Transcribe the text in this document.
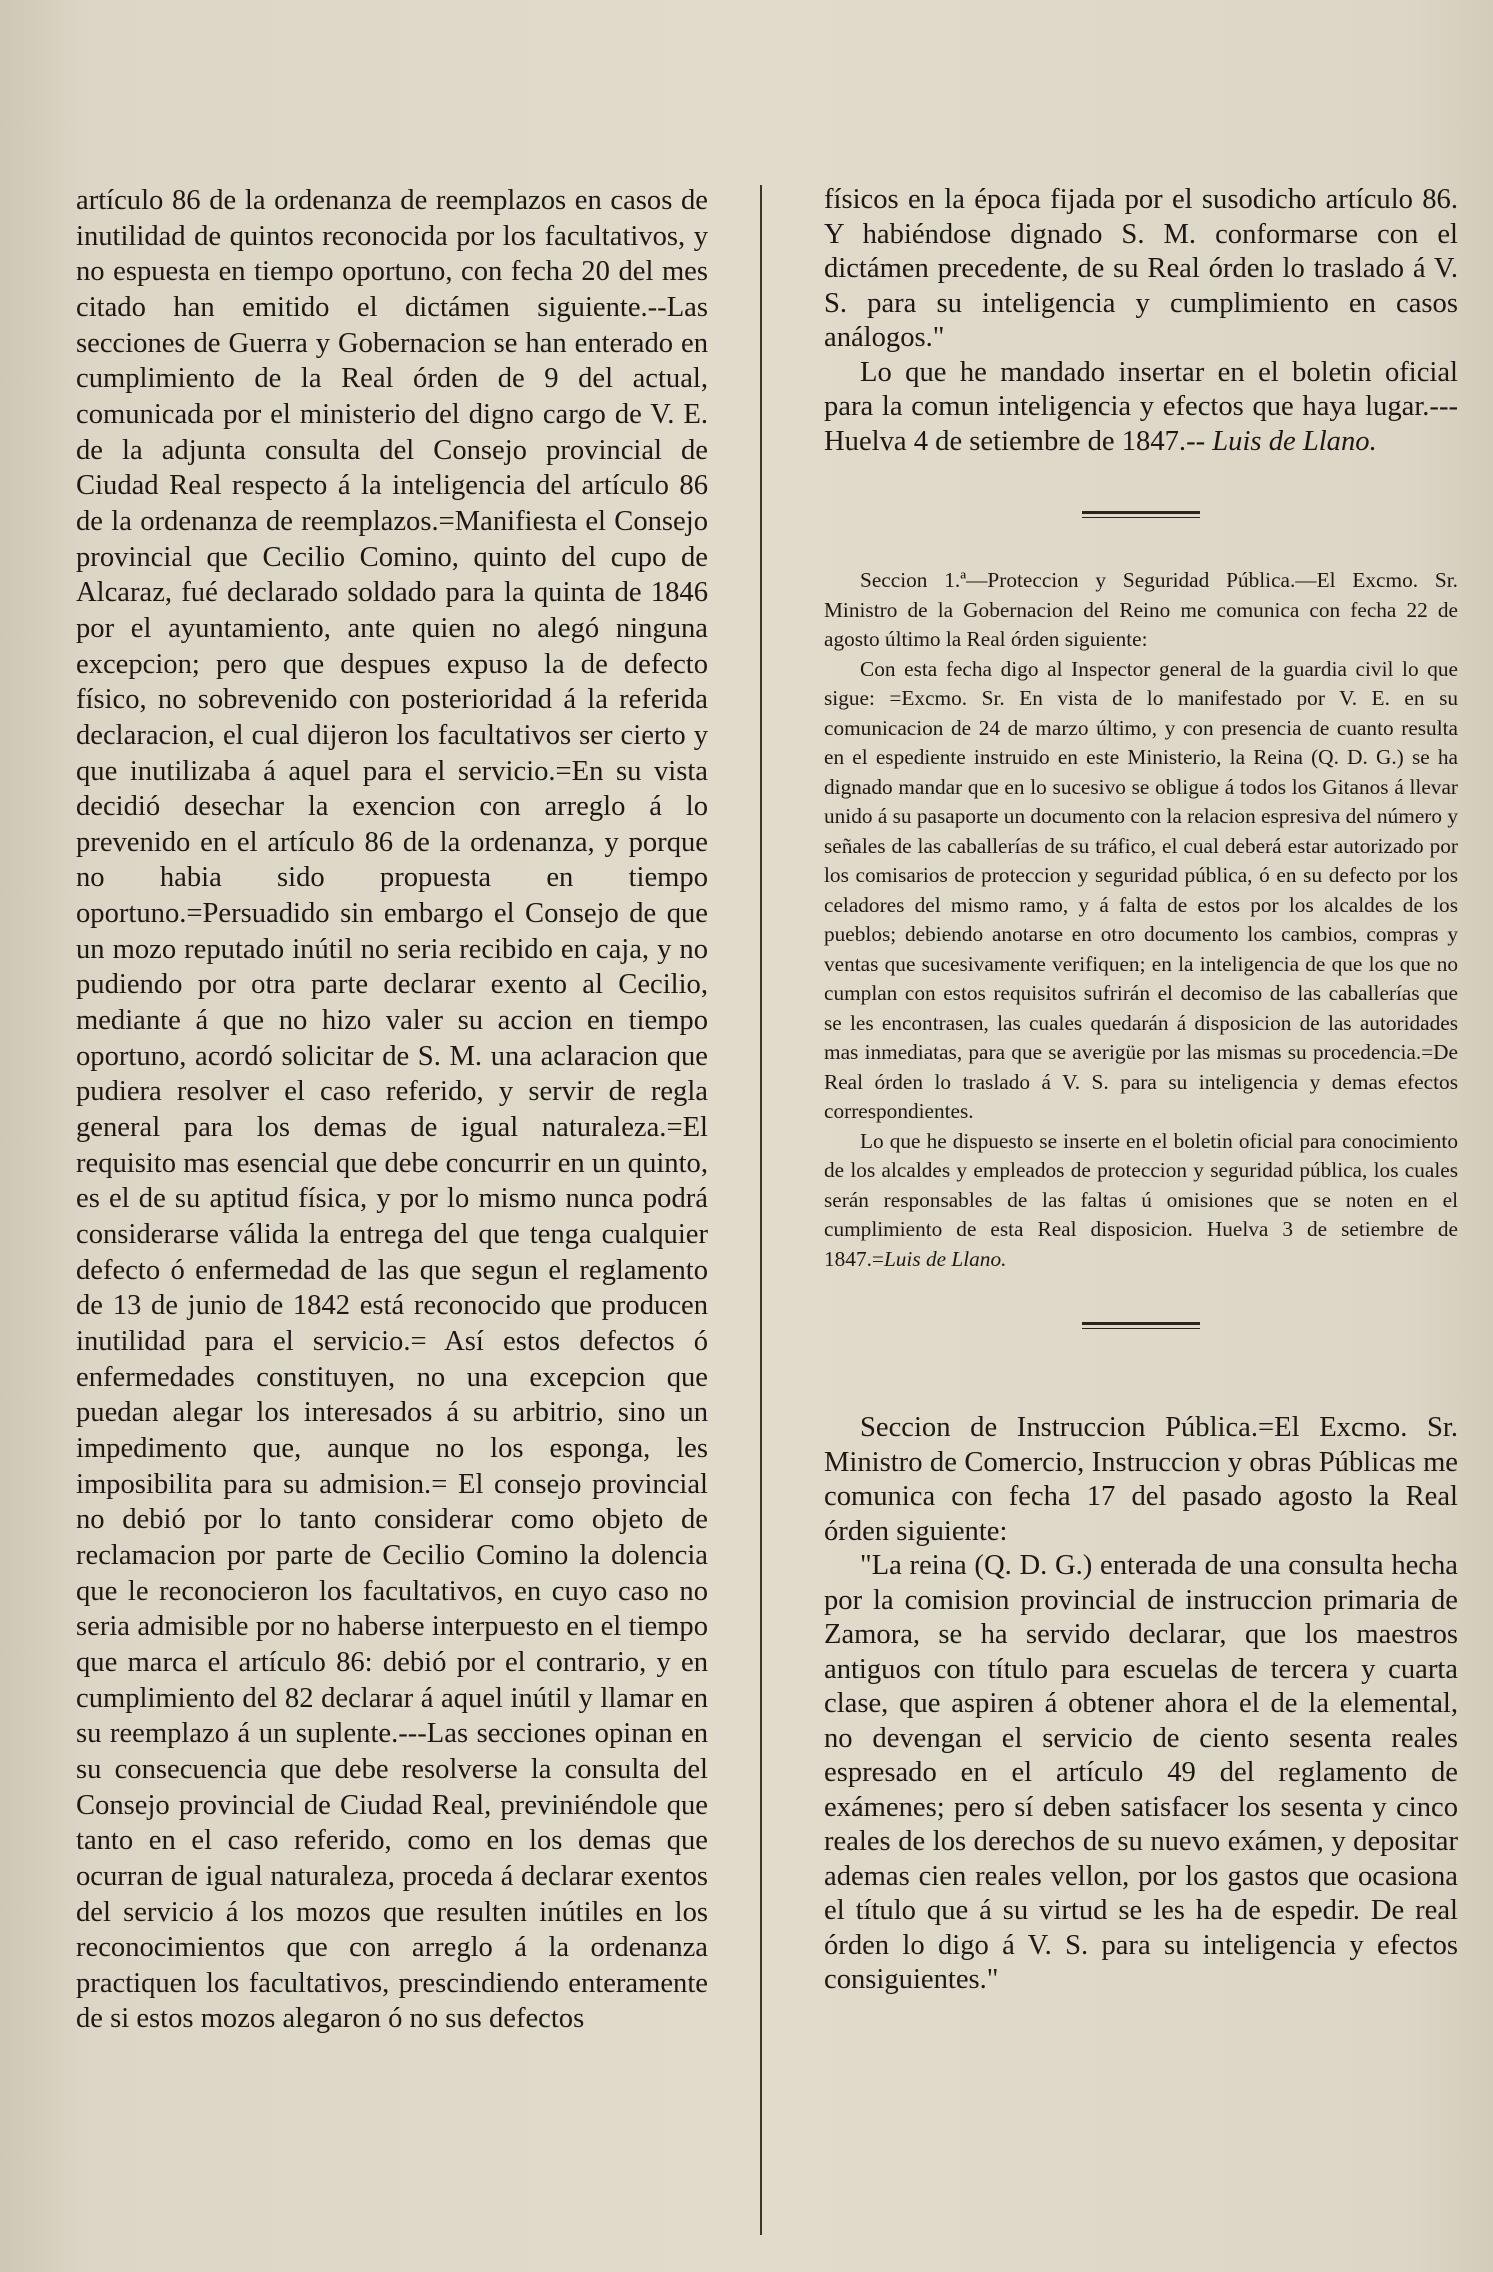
artículo 86 de la ordenanza de reemplazos en casos de inutilidad de quintos reconocida por los facultativos, y no espuesta en tiempo oportuno, con fecha 20 del mes citado han emitido el dictámen siguiente.--Las secciones de Guerra y Gobernacion se han enterado en cumplimiento de la Real órden de 9 del actual, comunicada por el ministerio del digno cargo de V. E. de la adjunta consulta del Consejo provincial de Ciudad Real respecto á la inteligencia del artículo 86 de la ordenanza de reemplazos.=Manifiesta el Consejo provincial que Cecilio Comino, quinto del cupo de Alcaraz, fué declarado soldado para la quinta de 1846 por el ayuntamiento, ante quien no alegó ninguna excepcion; pero que despues expuso la de defecto físico, no sobrevenido con posterioridad á la referida declaracion, el cual dijeron los facultativos ser cierto y que inutilizaba á aquel para el servicio.=En su vista decidió desechar la exencion con arreglo á lo prevenido en el artículo 86 de la ordenanza, y porque no habia sido propuesta en tiempo oportuno.=Persuadido sin embargo el Consejo de que un mozo reputado inútil no seria recibido en caja, y no pudiendo por otra parte declarar exento al Cecilio, mediante á que no hizo valer su accion en tiempo oportuno, acordó solicitar de S. M. una aclaracion que pudiera resolver el caso referido, y servir de regla general para los demas de igual naturaleza.=El requisito mas esencial que debe concurrir en un quinto, es el de su aptitud física, y por lo mismo nunca podrá considerarse válida la entrega del que tenga cualquier defecto ó enfermedad de las que segun el reglamento de 13 de junio de 1842 está reconocido que producen inutilidad para el servicio.= Así estos defectos ó enfermedades constituyen, no una excepcion que puedan alegar los interesados á su arbitrio, sino un impedimento que, aunque no los esponga, les imposibilita para su admision.= El consejo provincial no debió por lo tanto considerar como objeto de reclamacion por parte de Cecilio Comino la dolencia que le reconocieron los facultativos, en cuyo caso no seria admisible por no haberse interpuesto en el tiempo que marca el artículo 86: debió por el contrario, y en cumplimiento del 82 declarar á aquel inútil y llamar en su reemplazo á un suplente.---Las secciones opinan en su consecuencia que debe resolverse la consulta del Consejo provincial de Ciudad Real, previniéndole que tanto en el caso referido, como en los demas que ocurran de igual naturaleza, proceda á declarar exentos del servicio á los mozos que resulten inútiles en los reconocimientos que con arreglo á la ordenanza practiquen los facultativos, prescindiendo enteramente de si estos mozos alegaron ó no sus defectos

físicos en la época fijada por el susodicho artículo 86. Y habiéndose dignado S. M. conformarse con el dictámen precedente, de su Real órden lo traslado á V. S. para su inteligencia y cumplimiento en casos análogos."

Lo que he mandado insertar en el boletin oficial para la comun inteligencia y efectos que haya lugar.---Huelva 4 de setiembre de 1847.-- Luis de Llano.

Seccion 1.ª—Proteccion y Seguridad Pública.—El Excmo. Sr. Ministro de la Gobernacion del Reino me comunica con fecha 22 de agosto último la Real órden siguiente:

Con esta fecha digo al Inspector general de la guardia civil lo que sigue: =Excmo. Sr. En vista de lo manifestado por V. E. en su comunicacion de 24 de marzo último, y con presencia de cuanto resulta en el espediente instruido en este Ministerio, la Reina (Q. D. G.) se ha dignado mandar que en lo sucesivo se obligue á todos los Gitanos á llevar unido á su pasaporte un documento con la relacion espresiva del número y señales de las caballerías de su tráfico, el cual deberá estar autorizado por los comisarios de proteccion y seguridad pública, ó en su defecto por los celadores del mismo ramo, y á falta de estos por los alcaldes de los pueblos; debiendo anotarse en otro documento los cambios, compras y ventas que sucesivamente verifiquen; en la inteligencia de que los que no cumplan con estos requisitos sufrirán el decomiso de las caballerías que se les encontrasen, las cuales quedarán á disposicion de las autoridades mas inmediatas, para que se averigüe por las mismas su procedencia.=De Real órden lo traslado á V. S. para su inteligencia y demas efectos correspondientes.

Lo que he dispuesto se inserte en el boletin oficial para conocimiento de los alcaldes y empleados de proteccion y seguridad pública, los cuales serán responsables de las faltas ú omisiones que se noten en el cumplimiento de esta Real disposicion. Huelva 3 de setiembre de 1847.=Luis de Llano.

Seccion de Instruccion Pública.=El Excmo. Sr. Ministro de Comercio, Instruccion y obras Públicas me comunica con fecha 17 del pasado agosto la Real órden siguiente:

"La reina (Q. D. G.) enterada de una consulta hecha por la comision provincial de instruccion primaria de Zamora, se ha servido declarar, que los maestros antiguos con título para escuelas de tercera y cuarta clase, que aspiren á obtener ahora el de la elemental, no devengan el servicio de ciento sesenta reales espresado en el artículo 49 del reglamento de exámenes; pero sí deben satisfacer los sesenta y cinco reales de los derechos de su nuevo exámen, y depositar ademas cien reales vellon, por los gastos que ocasiona el título que á su virtud se les ha de espedir. De real órden lo digo á V. S. para su inteligencia y efectos consiguientes."
